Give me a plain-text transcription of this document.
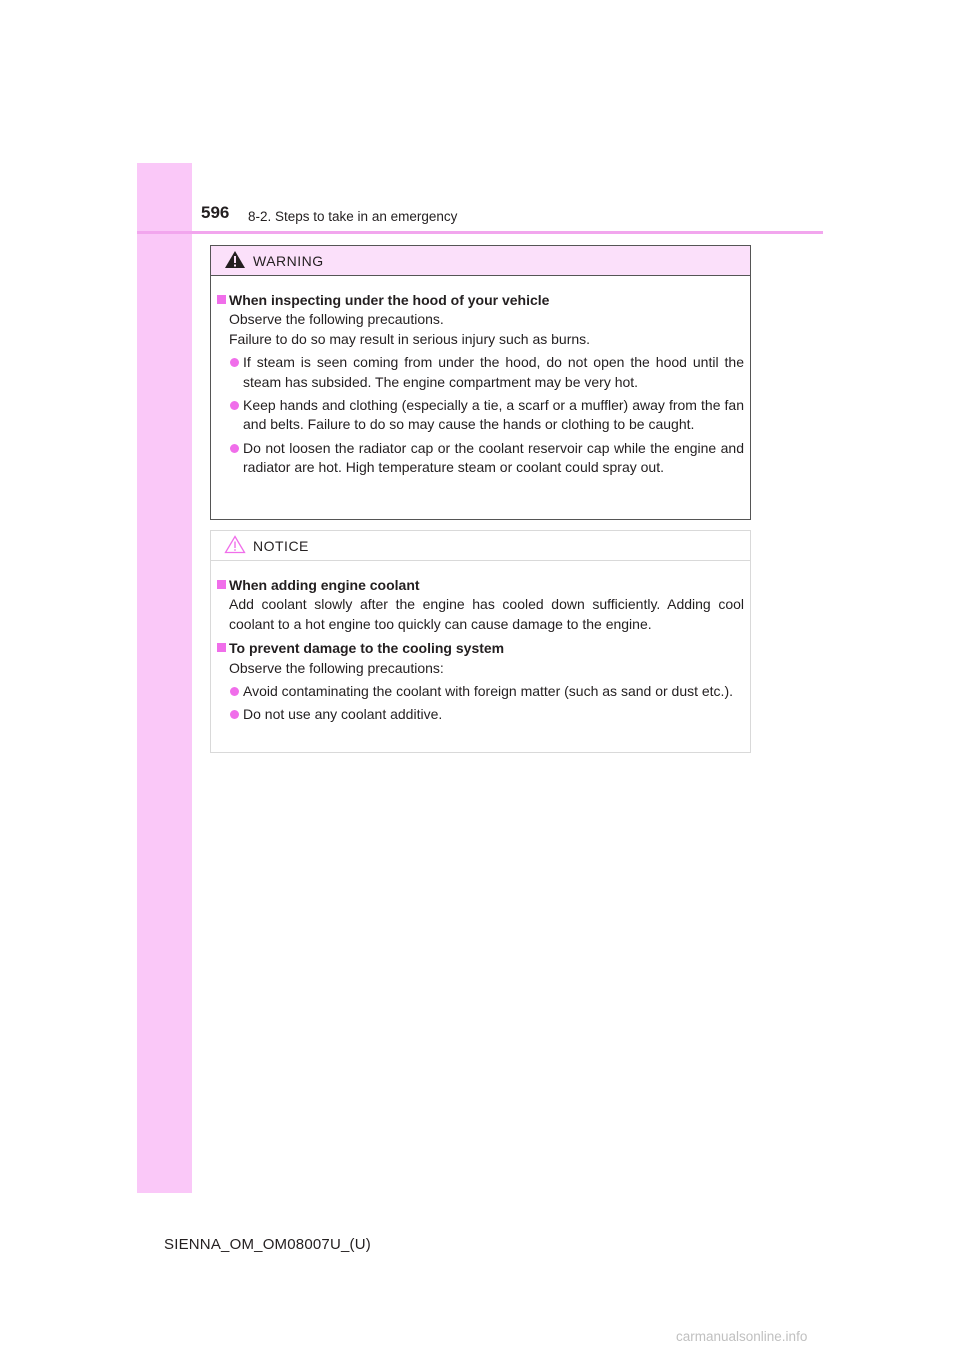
596 8-2. Steps to take in an emergency
WARNING
When inspecting under the hood of your vehicle
Observe the following precautions.
Failure to do so may result in serious injury such as burns.
If steam is seen coming from under the hood, do not open the hood until the steam has subsided. The engine compartment may be very hot.
Keep hands and clothing (especially a tie, a scarf or a muffler) away from the fan and belts. Failure to do so may cause the hands or clothing to be caught.
Do not loosen the radiator cap or the coolant reservoir cap while the engine and radiator are hot. High temperature steam or coolant could spray out.
NOTICE
When adding engine coolant
Add coolant slowly after the engine has cooled down sufficiently. Adding cool coolant to a hot engine too quickly can cause damage to the engine.
To prevent damage to the cooling system
Observe the following precautions:
Avoid contaminating the coolant with foreign matter (such as sand or dust etc.).
Do not use any coolant additive.
SIENNA_OM_OM08007U_(U)
carmanualsonline.info
